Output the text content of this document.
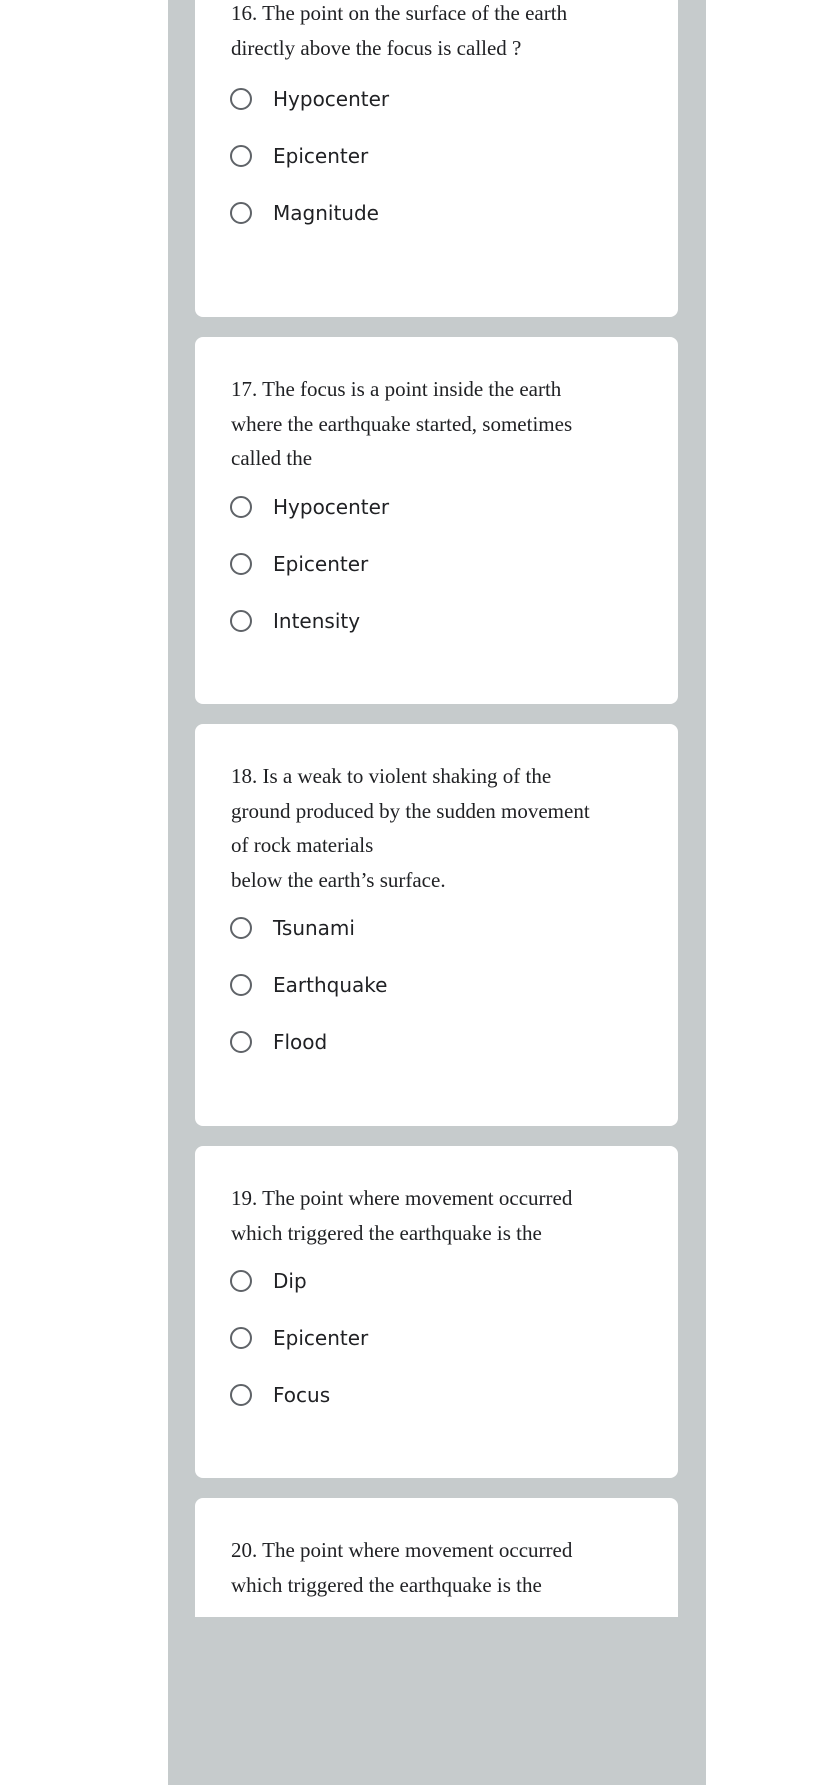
16. The point on the surface of the earth
directly above the focus is called ?
Hypocenter
Epicenter
Magnitude
17. The focus is a point inside the earth
where the earthquake started, sometimes
called the
Hypocenter
Epicenter
Intensity
18. Is a weak to violent shaking of the
ground produced by the sudden movement
of rock materials
below the earth’s surface.
Tsunami
Earthquake
Flood
19. The point where movement occurred
which triggered the earthquake is the
Dip
Epicenter
Focus
20. The point where movement occurred
which triggered the earthquake is the
